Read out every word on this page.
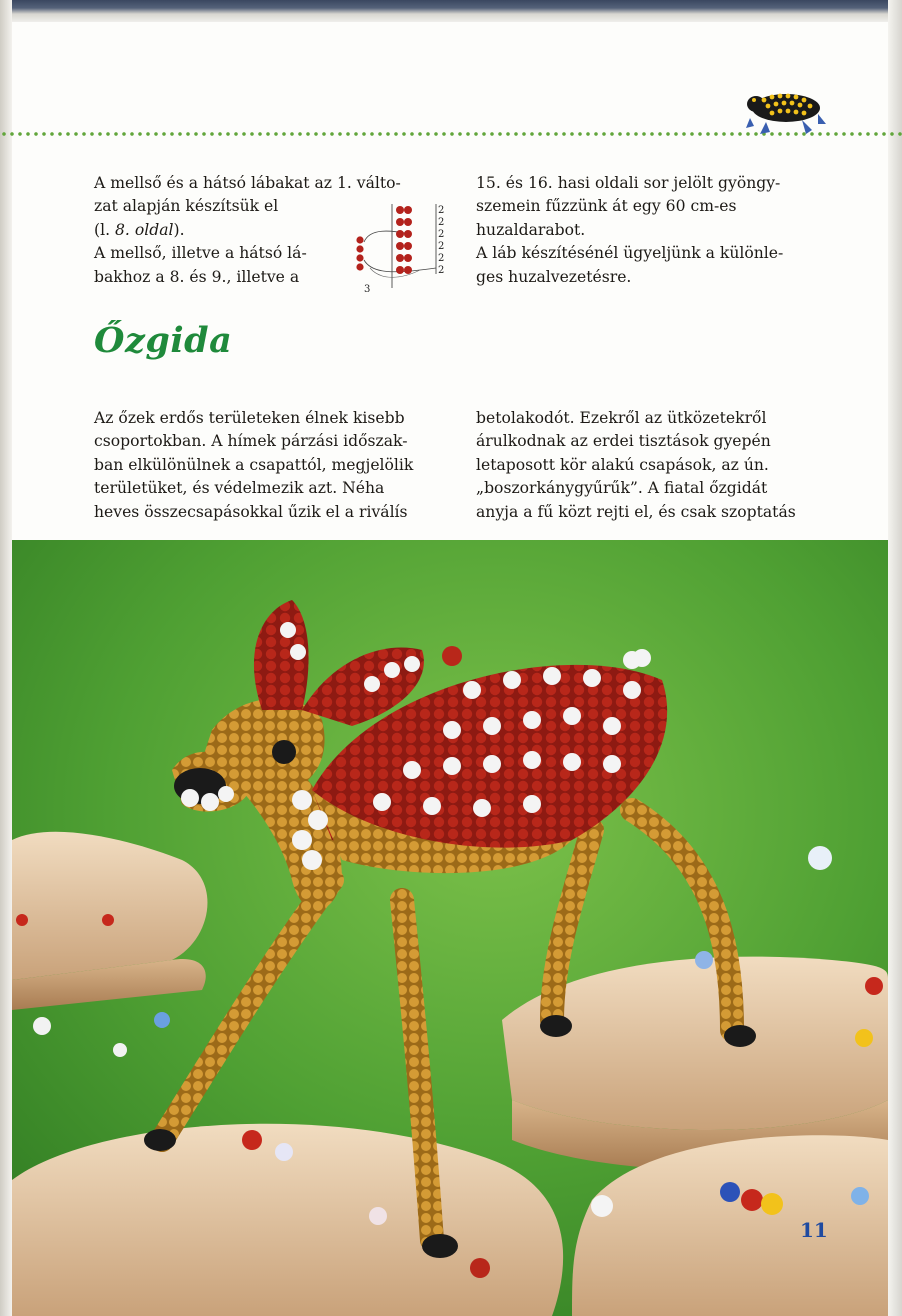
A mellső és a hátsó lábakat az 1. válto-
zat alapján készítsük el
(l. 8. oldal).
A mellső, illetve a hátsó lá-
bakhoz a 8. és 9., illetve a
2
2
2
2
2
2
3
15. és 16. hasi oldali sor jelölt gyöngy-
szemein fűzzünk át egy 60 cm-es
huzaldarabot.
A láb készítésénél ügyeljünk a különle-
ges huzalvezetésre.
Őzgida
Az őzek erdős területeken élnek kisebb
csoportokban. A hímek párzási időszak-
ban elkülönülnek a csapattól, megjelölik
területüket, és védelmezik azt. Néha
heves összecsapásokkal űzik el a riválís
betolakodót. Ezekről az ütközetekről
árulkodnak az erdei tisztások gyepén
letaposott kör alakú csapások, az ún.
„boszorkánygyűrűk”. A fiatal őzgidát
anyja a fű közt rejti el, és csak szoptatás
11
